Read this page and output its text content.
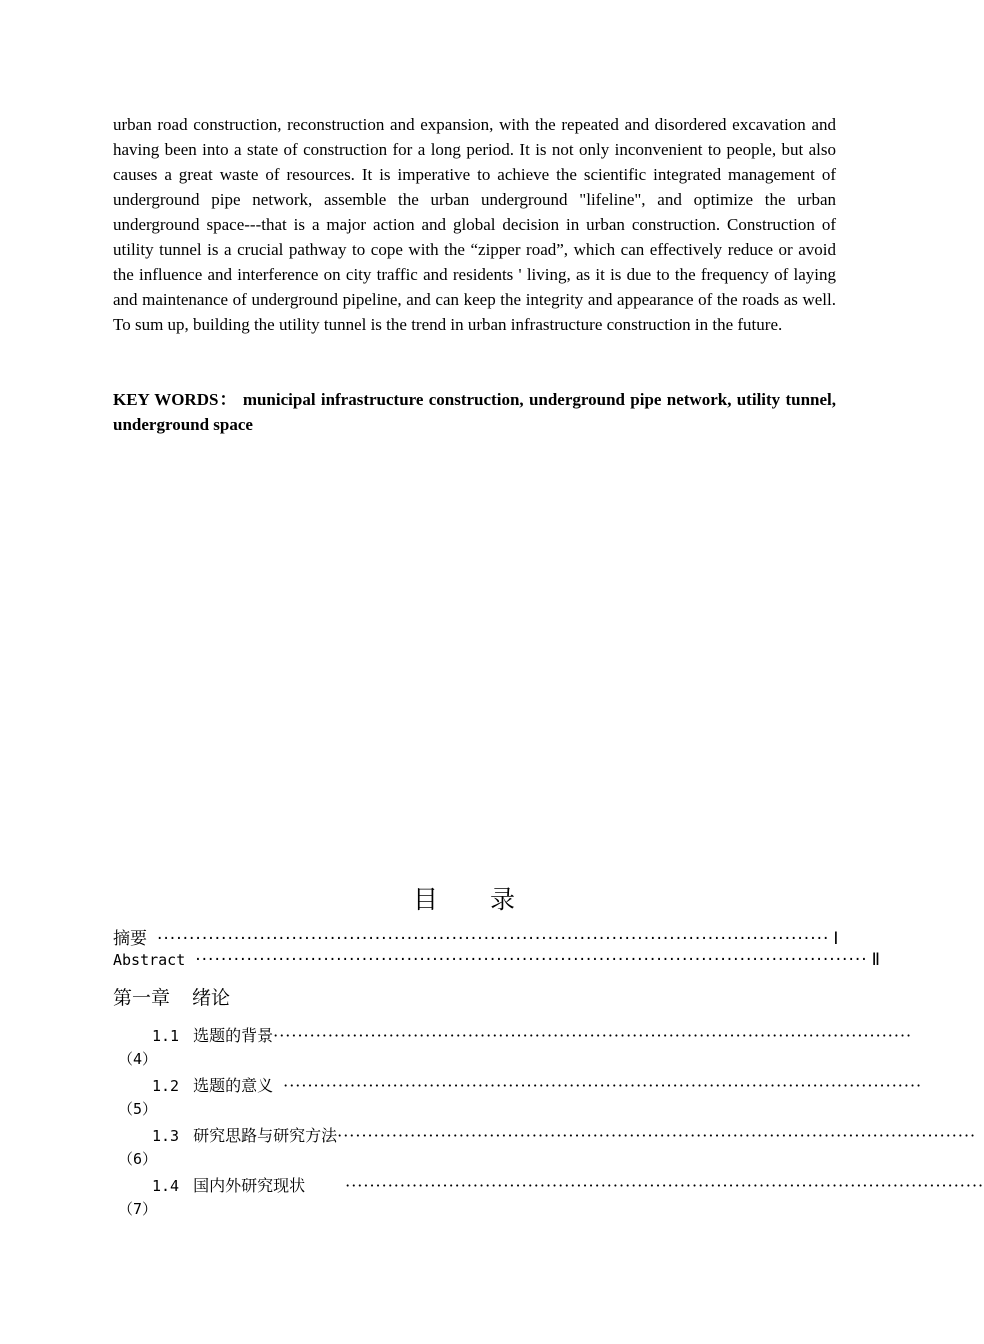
urban road construction, reconstruction and expansion, with the repeated and disordered excavation and having been into a state of construction for a long period. It is not only inconvenient to people, but also causes a great waste of resources. It is imperative to achieve the scientific integrated management of underground pipe network, assemble the urban underground "lifeline", and optimize the urban underground space---that is a major action and global decision in urban construction. Construction of utility tunnel is a crucial pathway to cope with the “zipper road”, which can effectively reduce or avoid the influence and interference on city traffic and residents ' living, as it is due to the frequency of laying and maintenance of underground pipeline, and can keep the integrity and appearance of the roads as well. To sum up, building the utility tunnel is the trend in urban infrastructure construction in the future.

KEY WORDS： municipal infrastructure construction, underground pipe network, utility tunnel, underground space
目 录
摘要 ········································································································· Ⅰ
Abstract ········································································································· Ⅱ
第一章 绪论
1.1 选题的背景 ·········································································································
（4）
1.2 选题的意义 ·········································································································
（5）
1.3 研究思路与研究方法 ·········································································································
（6）
1.4 国内外研究现状	·········································································································
（7）
